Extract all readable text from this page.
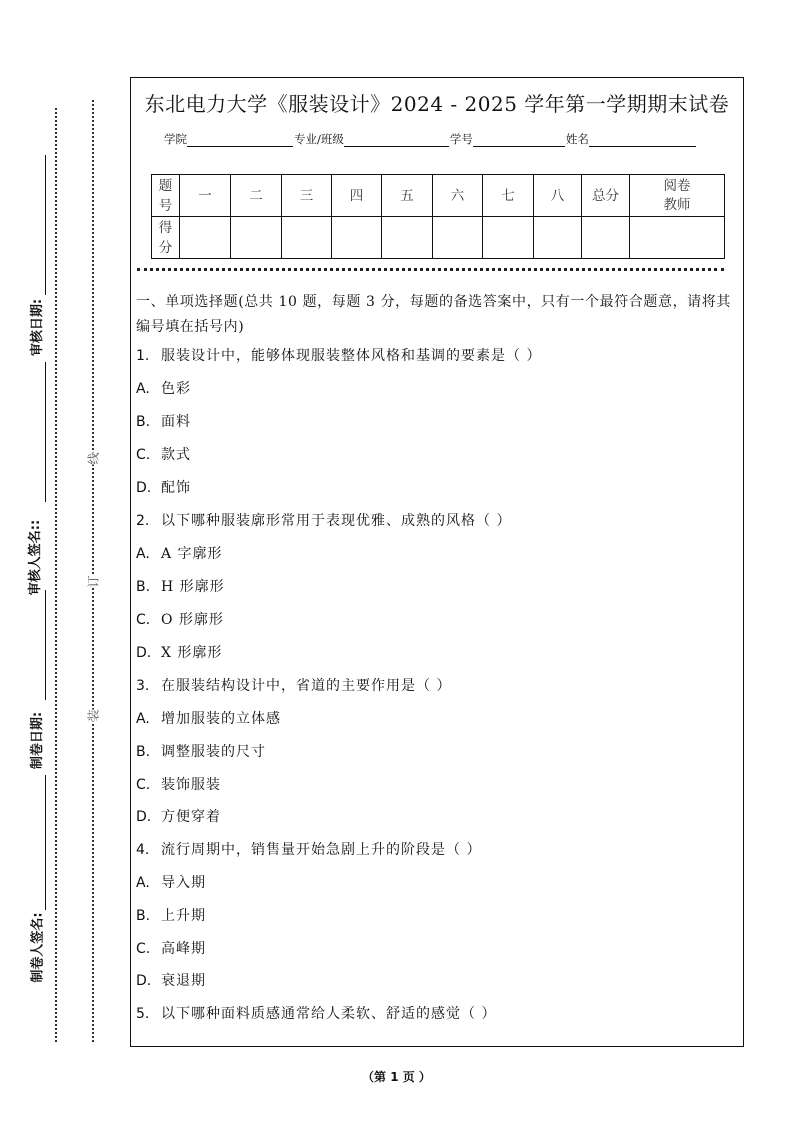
审核日期:
审核人签名::
制卷日期:
制卷人签名:
线
订
装
东北电力大学《服装设计》2024 - 2025 学年第一学期期末试卷
学院	专业/班级	学号	姓名
题号	一	二	三	四	五	六	七	八	总分	阅卷教师
得分										
一、单项选择题(总共 10 题，每题 3 分，每题的备选答案中，只有一个最符合题意，请将其编号填在括号内)
1. 服装设计中，能够体现服装整体风格和基调的要素是（ ）
A. 色彩
B. 面料
C. 款式
D. 配饰
2. 以下哪种服装廓形常用于表现优雅、成熟的风格（ ）
A. A 字廓形
B. H 形廓形
C. O 形廓形
D. X 形廓形
3. 在服装结构设计中，省道的主要作用是（ ）
A. 增加服装的立体感
B. 调整服装的尺寸
C. 装饰服装
D. 方便穿着
4. 流行周期中，销售量开始急剧上升的阶段是（ ）
A. 导入期
B. 上升期
C. 高峰期
D. 衰退期
5. 以下哪种面料质感通常给人柔软、舒适的感觉（ ）
（第 1 页 ）
